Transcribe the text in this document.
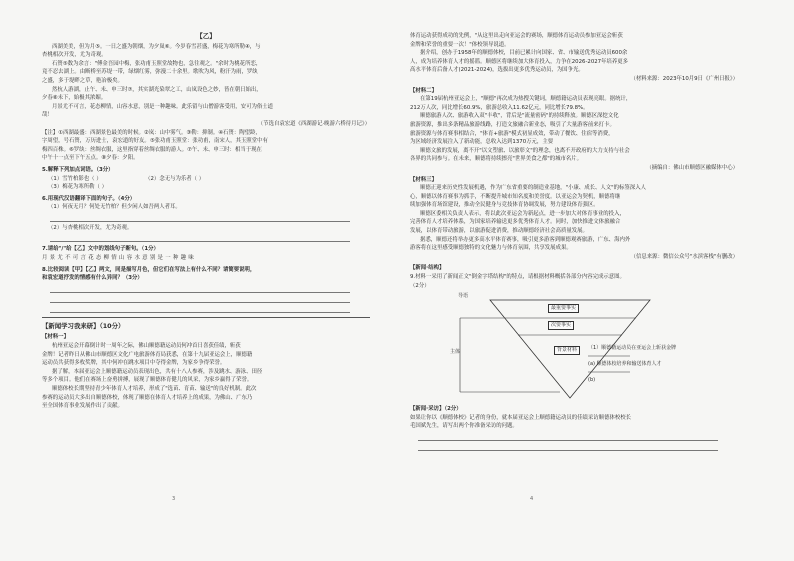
【乙】
西湖美美，但为月⑤。一日之盛为朝烟，为夕岚⑥。今岁春雪甚盛，梅花为寒所勒④，与
杏桃相次开发，尤为奇观。
石篑⑤数为余言："傅金吾园中梅，张功甫玉照堂故物也，急往观之。"余时为桃花所恋，
竟不忍去湖上。由断桥至苏堤一带，绿烟红雾，弥漫二十余里。歌吹为风，粉汗为雨，罗纨
之盛，多于堤畔之草，艳冶极矣。
然杭人游湖，止午、未、申三时⑦，其实湖光染翠之工，山岚设色之妙，皆在朝日始出，
夕春⑧未下，始极其浓媚。
月景尤不可言，花态柳情，山容水意，别是一种趣味。此乐留与山僧游客受用，安可为俗士道
哉！
（节选自袁宏道《西湖游记·晚游六桥待月记》）
【注】①西湖最盛：西湖景色最美的时候。②岚：山中雾气。③勒：抑制。④石篑：陶望龄，
字周望，号石篑，万历进士，袁宏道的好友。⑤张功甫玉照堂：张功甫，南宋人，其玉照堂中有
梅四百株。⑥罗纨：丝绸衣服，这里指穿着丝绸衣服的游人。⑦午、未、申三时：相当于现在
中午十一点至下午五点。⑧夕春：夕阳。
5.解释下列加点词语。（3分）
（1）雪竹柏影也（ ）	（2）念无与为乐者（ ）
（3）梅花为寒所勒（ ）
6.用现代汉语翻译下面的句子。（4分）
（1）何夜无月？何处无竹柏？但少闲人如吾两人者耳。
（2）与杏桃相次开发，尤为奇观。
7.请给"/"给【乙】文中的划线句子断句。（1分）
月 景 尤 不 可 言 花 态 柳 情 山 容 水 意 别 是 一 种 趣 味
8.比较阅读【甲】【乙】两文，同是描写月色，但它们在写法上有什么不同？请简要说明，
和袁宏道抒发的情感有什么异同？（3分）
【新闻学习我来研】（10分）
【材料一】
杭州亚运会开幕倒计时一周年之际，佛山顺德籍运动员何冲首日喜获佳绩，斩获
金牌！记者昨日从佛山市顺德区文化广电旅游体育局获悉，在第十九届亚运会上，顺德籍
运动员共获得多枚奖牌，其中何冲在跳水项目中夺得金牌，为家乡争得荣誉。
据了解，本届亚运会上顺德籍运动员表现出色，共有十八人参赛，涉及跳水、游泳、田径
等多个项目。他们在赛场上奋勇拼搏，展现了顺德体育健儿的风采，为家乡赢得了荣誉。
顺德体校长期坚持青少年体育人才培养，形成了"选苗、育苗、输送"的良好机制。此次
参赛的运动员大多出自顺德体校，体现了顺德在体育人才培养上的成果，为佛山、广东乃
至全国体育事业发展作出了贡献。
3
体育运动获得成功的先例，"从这里出走向亚运会的赛场，顺德体育运动员参加亚运会斩获
金牌和荣誉的重要一次！"体校领导说道。
据介绍，创办于1958年的顺德体校，目前已累计向国家、省、市输送优秀运动员600余
人，成为培养体育人才的摇篮。顺德区将继续加大体育投入，力争在2026-2027年培养更多
高水平体育后备人才(2021-2024)，选拔出更多优秀运动员，为国争光。
（材料来源：2023年10月9日《广州日报》）
【材料二】
在第19届杭州亚运会上，"顺德"再次成为热搜关键词，顺德籍运动员表现亮眼。据统计，
212万人次，同比增长60.9%，旅游总收入11.62亿元，同比增长79.8%。
顺德旅游人次、旅游收入双"丰收"，背后是"流量密码"的持续释放。顺德区深挖文化
旅游资源，推出多条精品旅游线路，打造文旅融合新业态，吸引了大量游客前来打卡。
旅游资源与体育赛事相结合，"体育+旅游"模式初显成效，带动了餐饮、住宿等消费，
为区域经济发展注入了新动能，总收入达到1370万元，主要
顺德文旅的发展，离不开"以文塑旅、以旅彰文"的理念，也离不开政府的大力支持与社会
各界的共同参与。在未来，顺德将持续擦亮"世界美食之都"的城市名片。
（摘编自：佛山市顺德区融媒体中心）
【材料三】
顺德正迎来历史性发展机遇，作为广东省重要的制造业基地，"小康、成长、人文"的标签深入人
心，顺德以体育赛事为抓手，不断提升城市知名度和美誉度。以亚运会为契机，顺德将继
续加强体育场馆建设，推动全民健身与竞技体育协调发展，努力建设体育强区。
顺德区委相关负责人表示，将以此次亚运会为新起点，进一步加大对体育事业的投入，
完善体育人才培养体系，为国家培养输送更多优秀体育人才。同时，加快推进文体旅融合
发展，以体育带动旅游，以旅游促进消费，推动顺德经济社会高质量发展。
据悉，顺德还将举办更多高水平体育赛事，吸引更多游客到顺德观赛旅游，广东、海内外
游客将在这里感受顺德独特的文化魅力与体育氛围，共享发展成果。
（信息来源：微信公众号"水滨客栈"有删改）
【新闻·结构】
9.材料一采用了新闻正文"倒金字塔结构"的特点，请根据材料概括各部分内容完成示意图。
（2分）
导语
主体
最重要事实
次要事实
背景材料	（1）顺德籍运动员在亚运会上斩获金牌
(a) 顺德体校培养和输送体育人才
(b)
【新闻·采访】（2分）
如果让你以《顺德体校》记者的身份，就本届亚运会上顺德籍运动员的佳绩采访顺德体校校长
毛国斌先生，请写出两个你准备采访的问题。
4
